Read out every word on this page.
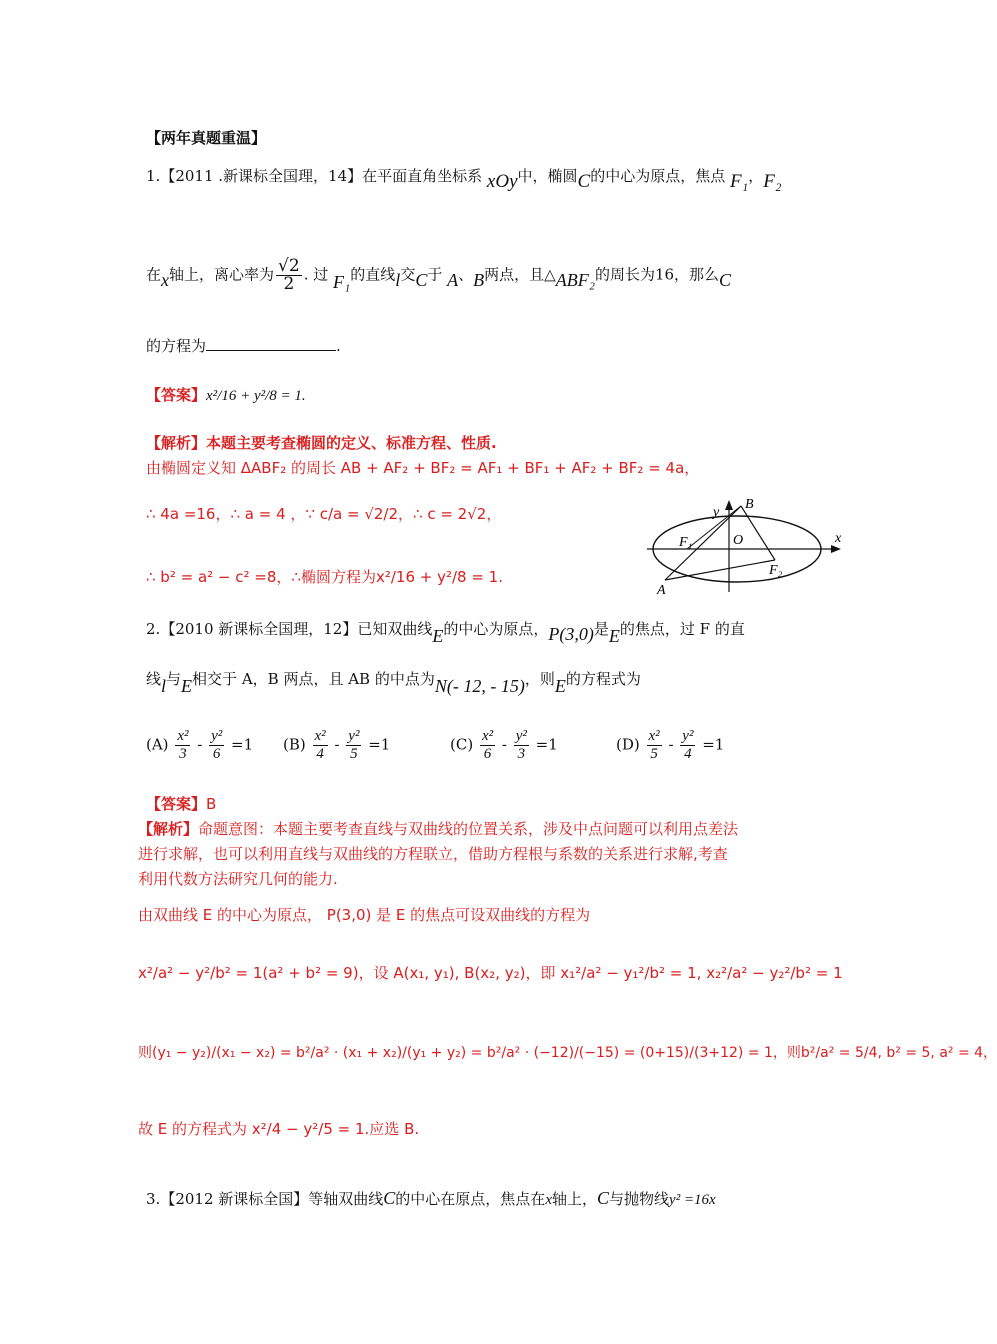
【两年真题重温】
1.【2011 .新课标全国理，14】在平面直角坐标系 xOy中，椭圆C的中心为原点，焦点 F₁，F₂
在x轴上，离心率为 $\frac{√2}{2}$ . 过 F₁的直线l交C于 A、B两点，且△ABF₂的周长为16，那么C
的方程为	.
【答案】x²/16 + y²/8 = 1.
【解析】本题主要考查椭圆的定义、标准方程、性质.
由椭圆定义知 ΔABF₂ 的周长 AB + AF₂ + BF₂ = AF₁ + BF₁ + AF₂ + BF₂ = 4a，
∴ 4a =16，∴ a = 4 ，∵ c/a = √2/2，∴ c = 2√2，
∴ b² = a² − c² =8，∴椭圆方程为x²/16 + y²/8 = 1.
x
y
O
B
A
F₁
F₂
2.【2010 新课标全国理，12】已知双曲线E的中心为原点，P(3,0)是E的焦点，过 F 的直
线l与E相交于 A，B 两点，且 AB 的中点为N(- 12, - 15)，则E的方程式为
$(A) \frac{\text{x²}}{3} - \frac{\text{y²}}{6} =1$ $(B) \frac{\text{x²}}{4} - \frac{\text{y²}}{5} =1$	$(C) \frac{\text{x²}}{6} - \frac{\text{y²}}{3} =1$	$(D) \frac{\text{x²}}{5} - \frac{\text{y²}}{4} =1$
【答案】B
【解析】命题意图：本题主要考查直线与双曲线的位置关系，涉及中点问题可以利用点差法
进行求解，也可以利用直线与双曲线的方程联立，借助方程根与系数的关系进行求解,考查
利用代数方法研究几何的能力.
由双曲线 E 的中心为原点， P(3,0) 是 E 的焦点可设双曲线的方程为
x²/a² − y²/b² = 1(a² + b² = 9)，设 A(x₁, y₁), B(x₂, y₂)，即 x₁²/a² − y₁²/b² = 1, x₂²/a² − y₂²/b² = 1
则(y₁ − y₂)/(x₁ − x₂) = b²/a² · (x₁ + x₂)/(y₁ + y₂) = b²/a² · (−12)/(−15) = (0+15)/(3+12) = 1，则b²/a² = 5/4, b² = 5, a² = 4，
故 E 的方程式为 x²/4 − y²/5 = 1.应选 B.
3.【2012 新课标全国】等轴双曲线C的中心在原点，焦点在x轴上，C与抛物线y² =16x
